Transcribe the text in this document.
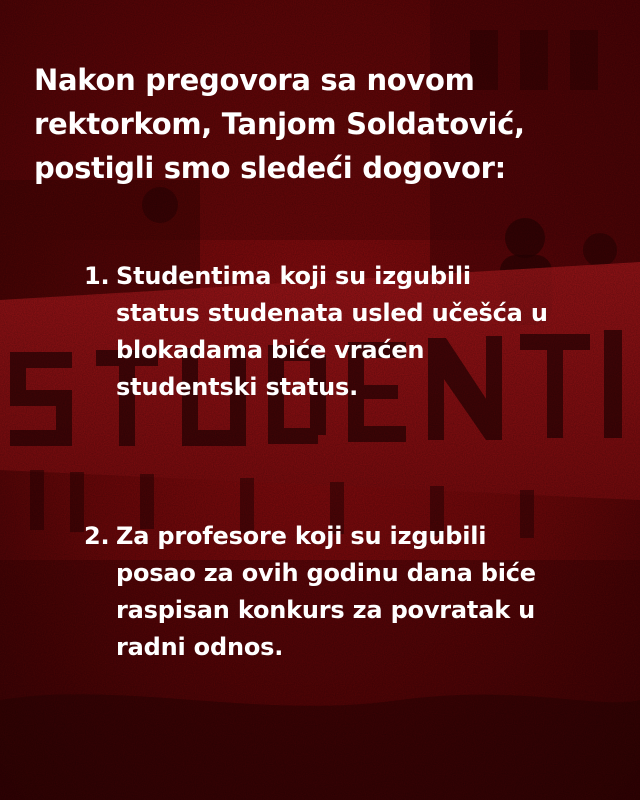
Nakon pregovora sa novom
rektorkom, Tanjom Soldatović,
postigli smo sledeći dogovor:
1. Studentima koji su izgubili
status studenata usled učešća u
blokadama biće vraćen
studentski status.
2. Za profesore koji su izgubili
posao za ovih godinu dana biće
raspisan konkurs za povratak u
radni odnos.
